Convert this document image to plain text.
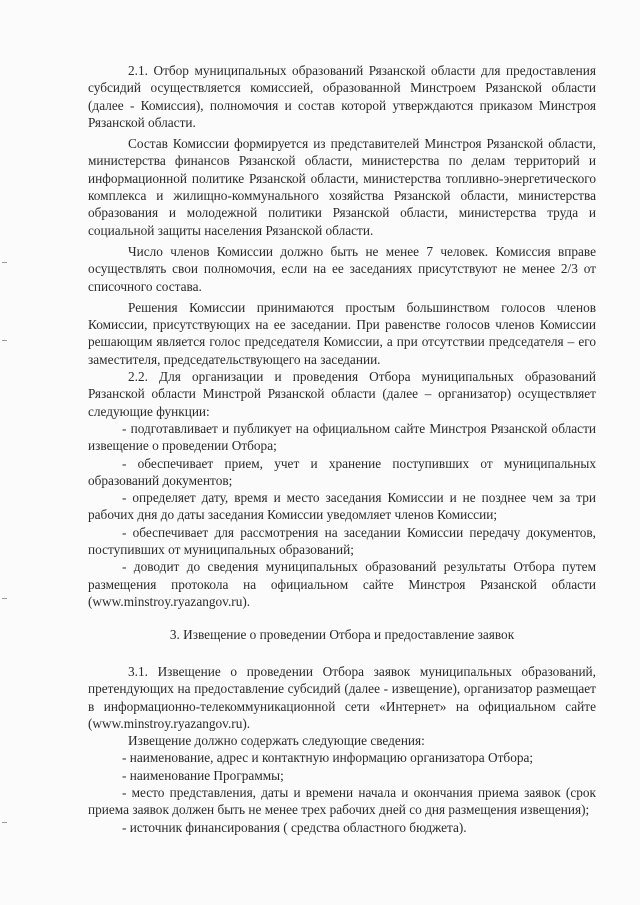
2.1. Отбор муниципальных образований Рязанской области для предоставления субсидий осуществляется комиссией, образованной Минстроем Рязанской области (далее - Комиссия), полномочия и состав которой утверждаются приказом Минстроя Рязанской области.

Состав Комиссии формируется из представителей Минстроя Рязанской области, министерства финансов Рязанской области, министерства по делам территорий и информационной политике Рязанской области, министерства топливно-энергетического комплекса и жилищно-коммунального хозяйства Рязанской области, министерства образования и молодежной политики Рязанской области, министерства труда и социальной защиты населения Рязанской области.

Число членов Комиссии должно быть не менее 7 человек. Комиссия вправе осуществлять свои полномочия, если на ее заседаниях присутствуют не менее 2/3 от списочного состава.

Решения Комиссии принимаются простым большинством голосов членов Комиссии, присутствующих на ее заседании. При равенстве голосов членов Комиссии решающим является голос председателя Комиссии, а при отсутствии председателя – его заместителя, председательствующего на заседании.

2.2. Для организации и проведения Отбора муниципальных образований Рязанской области Минстрой Рязанской области (далее – организатор) осуществляет следующие функции:

- подготавливает и публикует на официальном сайте Минстроя Рязанской области извещение о проведении Отбора;

- обеспечивает прием, учет и хранение поступивших от муниципальных образований документов;

- определяет дату, время и место заседания Комиссии и не позднее чем за три рабочих дня до даты заседания Комиссии уведомляет членов Комиссии;

- обеспечивает для рассмотрения на заседании Комиссии передачу документов, поступивших от муниципальных образований;

- доводит до сведения муниципальных образований результаты Отбора путем размещения протокола на официальном сайте Минстроя Рязанской области (www.minstroy.ryazangov.ru).

3. Извещение о проведении Отбора и предоставление заявок

3.1. Извещение о проведении Отбора заявок муниципальных образований, претендующих на предоставление субсидий (далее - извещение), организатор размещает в информационно-телекоммуникационной сети «Интернет» на официальном сайте (www.minstroy.ryazangov.ru).

Извещение должно содержать следующие сведения:

- наименование, адрес и контактную информацию организатора Отбора;

- наименование Программы;

- место представления, даты и времени начала и окончания приема заявок (срок приема заявок должен быть не менее трех рабочих дней со дня размещения извещения);

- источник финансирования ( средства областного бюджета).
